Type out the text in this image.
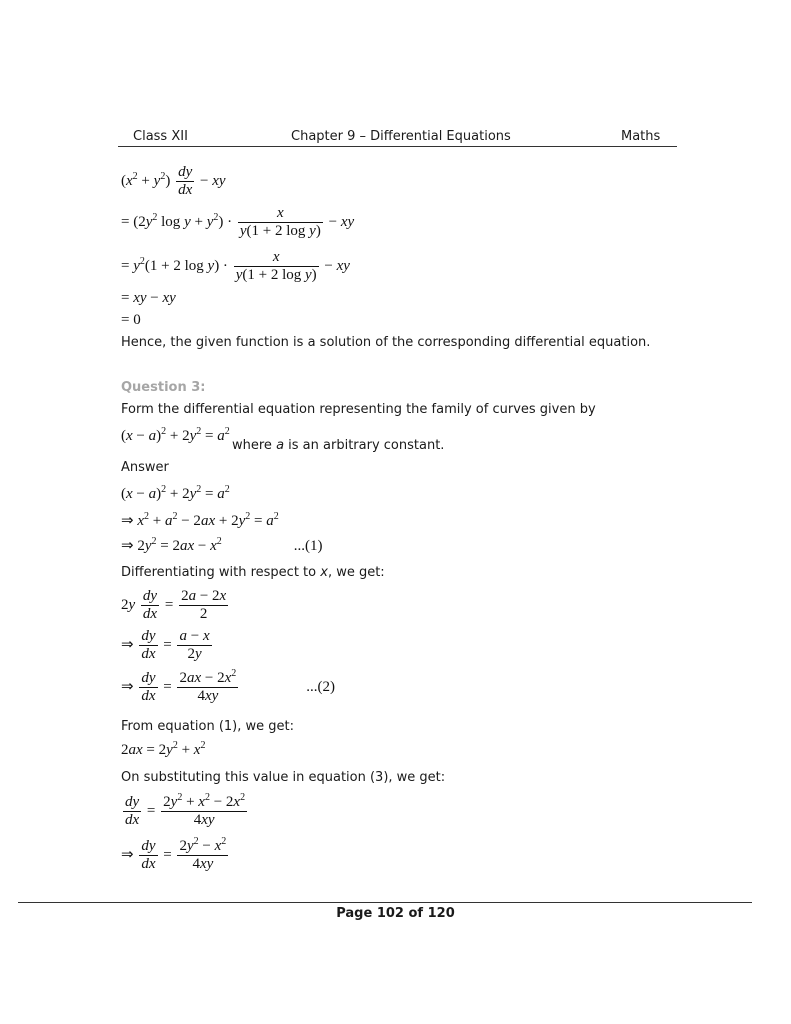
Class XII	Chapter 9 – Differential Equations	Maths
$(x^2 + y^2) \frac{dy}{dx}$ − xy
= ($2y^2$ $\log y + y^2) \cdot \frac{x}{\text{y(1 + 2 log y)}}$ − xy
= $y^2(1 + 2$ $\log y) \cdot \frac{x}{\text{y(1 + 2 log y)}}$ − xy
= xy − xy
= 0
Hence, the given function is a solution of the corresponding differential equation.
Question 3:
Form the differential equation representing the family of curves given by
$(x - a)^2 + 2y^2 = a^2$
where a is an arbitrary constant.
Answer
$(x - a)^2 + 2y^2 = a^2$
⇒ $x^2 + a^2 - 2ax + 2y^2 = a^2$
⇒ $2y^2 = 2ax - x^2$	...(1)
Differentiating with respect to x, we get:
$2y \frac{dy}{dx} = \frac{2a - 2x}{2}$
⇒ $\frac{dy}{dx} = \frac{a - x}{2y}$
⇒ $\frac{dy}{dx} = \frac{2ax - 2x^2}{4xy}$	...(2)
From equation (1), we get:
$2ax = 2y^2 + x^2$
On substituting this value in equation (3), we get:
$\frac{dy}{dx} = \frac{2y^2 + x^2 - 2x^2}{4xy}$
⇒ $\frac{dy}{dx} = \frac{2y^2 - x^2}{4xy}$
Page 102 of 120
